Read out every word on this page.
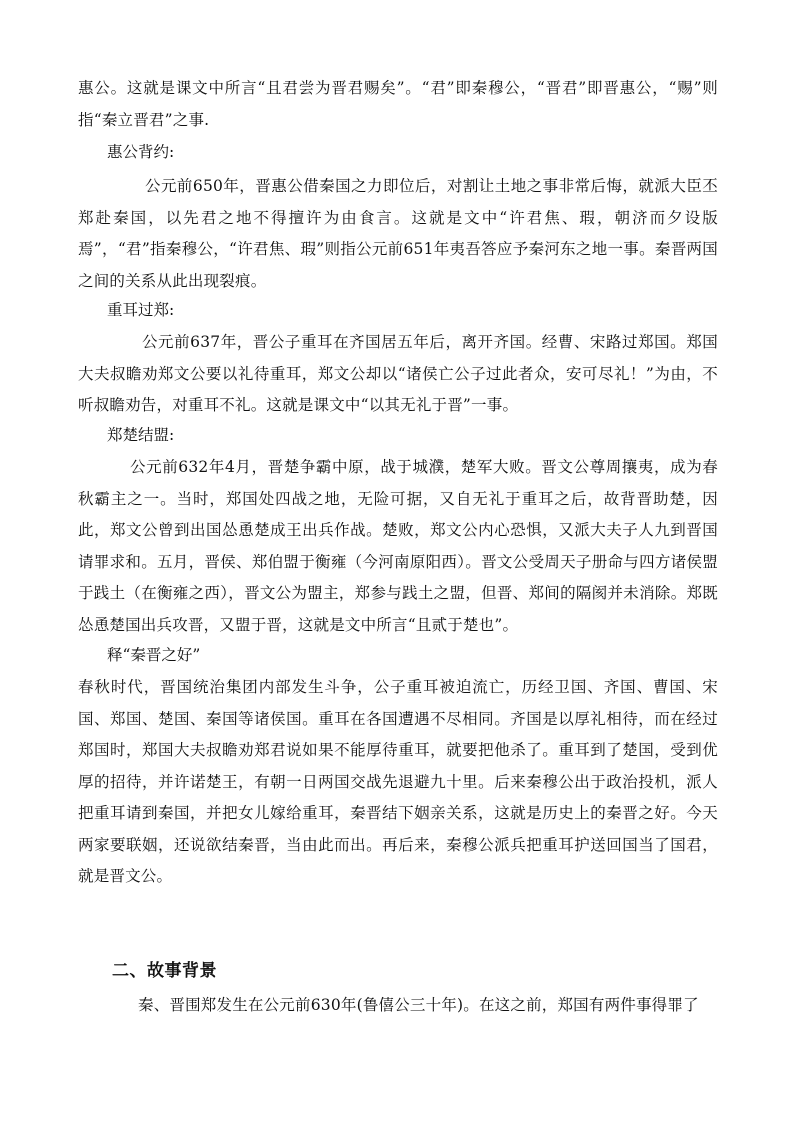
惠公。这就是课文中所言“且君尝为晋君赐矣”。“君”即秦穆公，“晋君”即晋惠公，“赐”则指“秦立晋君”之事.

惠公背约:

公元前650年，晋惠公借秦国之力即位后，对割让土地之事非常后悔，就派大臣丕郑赴秦国，以先君之地不得擅许为由食言。这就是文中“许君焦、瑕，朝济而夕设版焉”，“君”指秦穆公，“许君焦、瑕”则指公元前651年夷吾答应予秦河东之地一事。秦晋两国之间的关系从此出现裂痕。

重耳过郑:

公元前637年，晋公子重耳在齐国居五年后，离开齐国。经曹、宋路过郑国。郑国大夫叔瞻劝郑文公要以礼待重耳，郑文公却以“诸侯亡公子过此者众，安可尽礼！”为由，不听叔瞻劝告，对重耳不礼。这就是课文中“以其无礼于晋”一事。

郑楚结盟:

公元前632年4月，晋楚争霸中原，战于城濮，楚军大败。晋文公尊周攘夷，成为春秋霸主之一。当时，郑国处四战之地，无险可据，又自无礼于重耳之后，故背晋助楚，因此，郑文公曾到出国怂恿楚成王出兵作战。楚败，郑文公内心恐惧，又派大夫子人九到晋国请罪求和。五月，晋侯、郑伯盟于衡雍（今河南原阳西）。晋文公受周天子册命与四方诸侯盟于践土（在衡雍之西），晋文公为盟主，郑参与践土之盟，但晋、郑间的隔阂并未消除。郑既怂恿楚国出兵攻晋，又盟于晋，这就是文中所言“且贰于楚也”。

释“秦晋之好”

春秋时代，晋国统治集团内部发生斗争，公子重耳被迫流亡，历经卫国、齐国、曹国、宋国、郑国、楚国、秦国等诸侯国。重耳在各国遭遇不尽相同。齐国是以厚礼相待，而在经过郑国时，郑国大夫叔瞻劝郑君说如果不能厚待重耳，就要把他杀了。重耳到了楚国，受到优厚的招待，并许诺楚王，有朝一日两国交战先退避九十里。后来秦穆公出于政治投机，派人把重耳请到秦国，并把女儿嫁给重耳，秦晋结下姻亲关系，这就是历史上的秦晋之好。今天两家要联姻，还说欲结秦晋，当由此而出。再后来，秦穆公派兵把重耳护送回国当了国君，就是晋文公。

二、故事背景

秦、晋围郑发生在公元前630年(鲁僖公三十年)。在这之前，郑国有两件事得罪了
